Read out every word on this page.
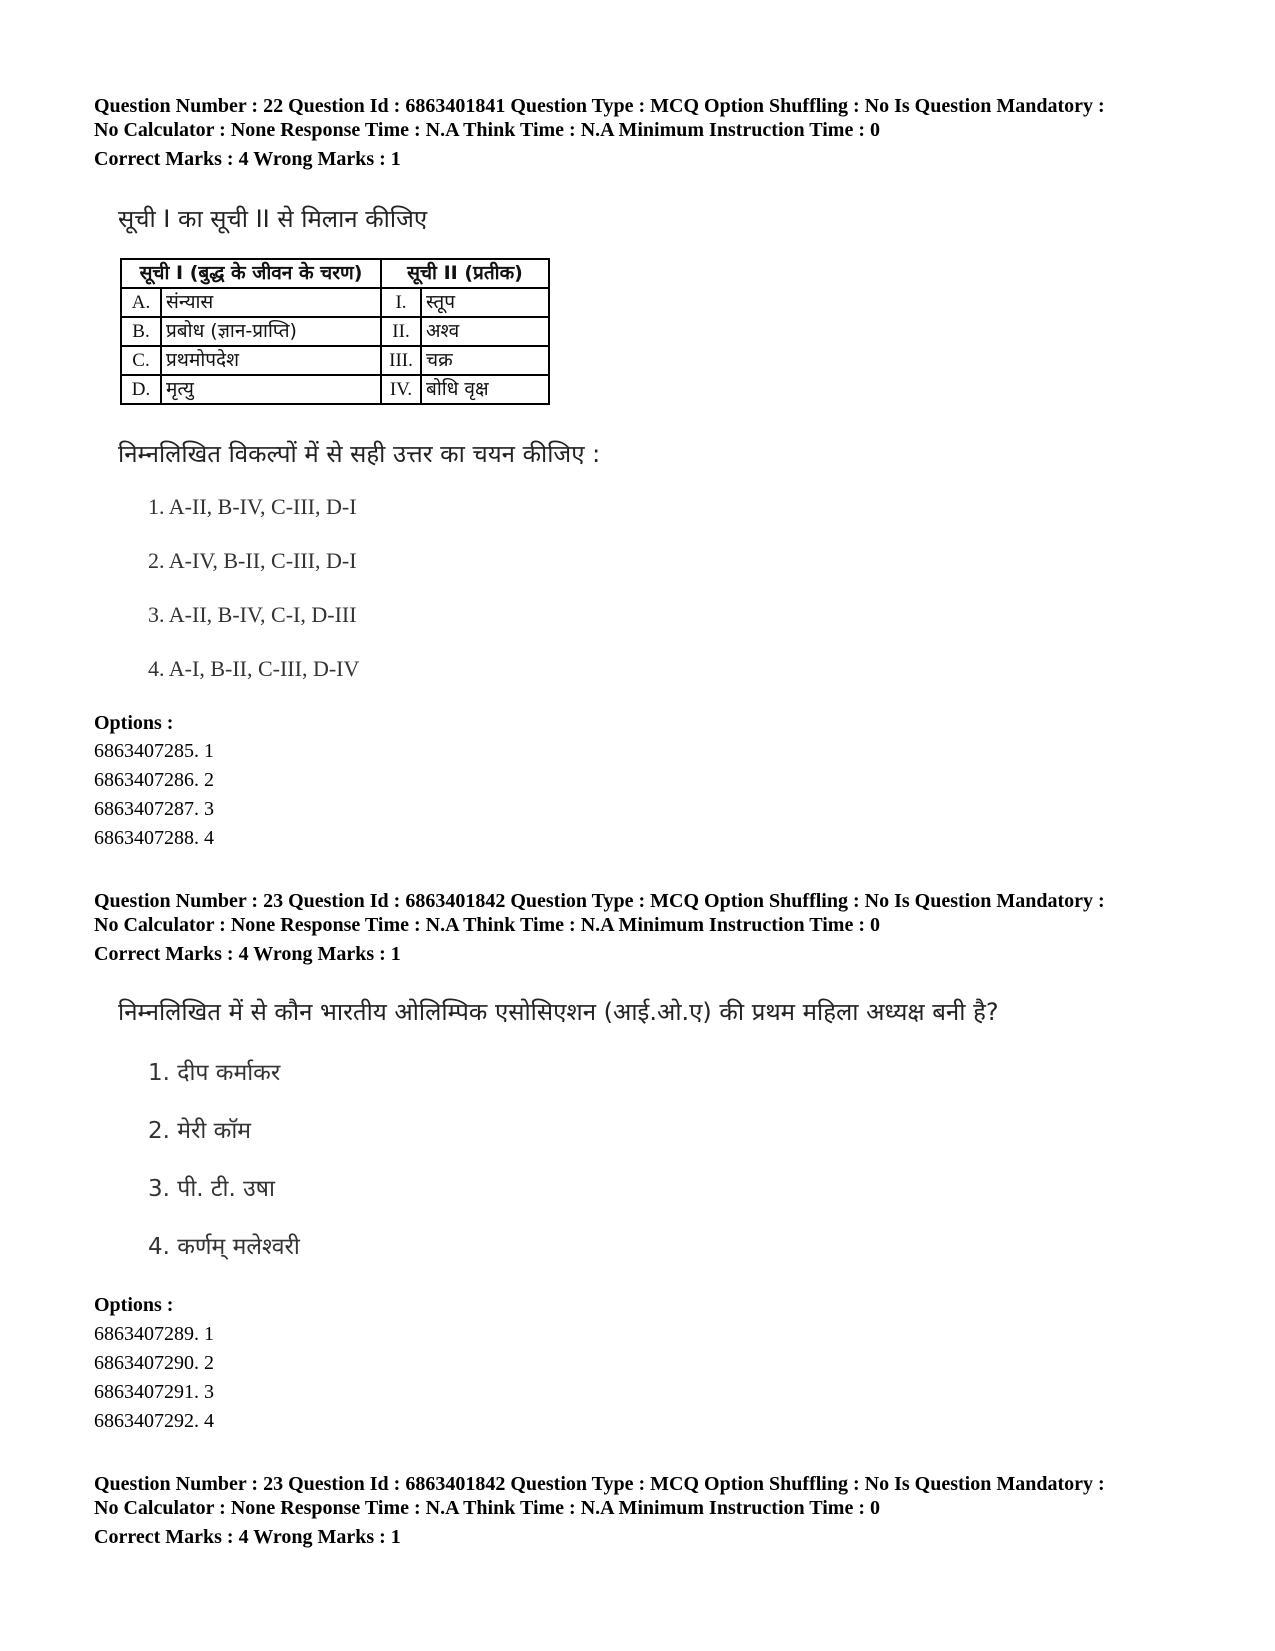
Question Number : 22 Question Id : 6863401841 Question Type : MCQ Option Shuffling : No Is Question Mandatory :
No Calculator : None Response Time : N.A Think Time : N.A Minimum Instruction Time : 0
Correct Marks : 4 Wrong Marks : 1
सूची I का सूची II से मिलान कीजिए
सूची I (बुद्ध के जीवन के चरण)		सूची II (प्रतीक)	
A.	संन्यास	I.	स्तूप
B.	प्रबोध (ज्ञान-प्राप्ति)	II.	अश्व
C.	प्रथमोपदेश	III.	चक्र
D.	मृत्यु	IV.	बोधि वृक्ष
निम्नलिखित विकल्पों में से सही उत्तर का चयन कीजिए :
1. A-II, B-IV, C-III, D-I
2. A-IV, B-II, C-III, D-I
3. A-II, B-IV, C-I, D-III
4. A-I, B-II, C-III, D-IV
Options :
6863407285. 1
6863407286. 2
6863407287. 3
6863407288. 4
Question Number : 23 Question Id : 6863401842 Question Type : MCQ Option Shuffling : No Is Question Mandatory :
No Calculator : None Response Time : N.A Think Time : N.A Minimum Instruction Time : 0
Correct Marks : 4 Wrong Marks : 1
निम्नलिखित में से कौन भारतीय ओलिम्पिक एसोसिएशन (आई.ओ.ए) की प्रथम महिला अध्यक्ष बनी है?
1. दीप कर्माकर
2. मेरी कॉम
3. पी. टी. उषा
4. कर्णम् मलेश्वरी
Options :
6863407289. 1
6863407290. 2
6863407291. 3
6863407292. 4
Question Number : 23 Question Id : 6863401842 Question Type : MCQ Option Shuffling : No Is Question Mandatory :
No Calculator : None Response Time : N.A Think Time : N.A Minimum Instruction Time : 0
Correct Marks : 4 Wrong Marks : 1
